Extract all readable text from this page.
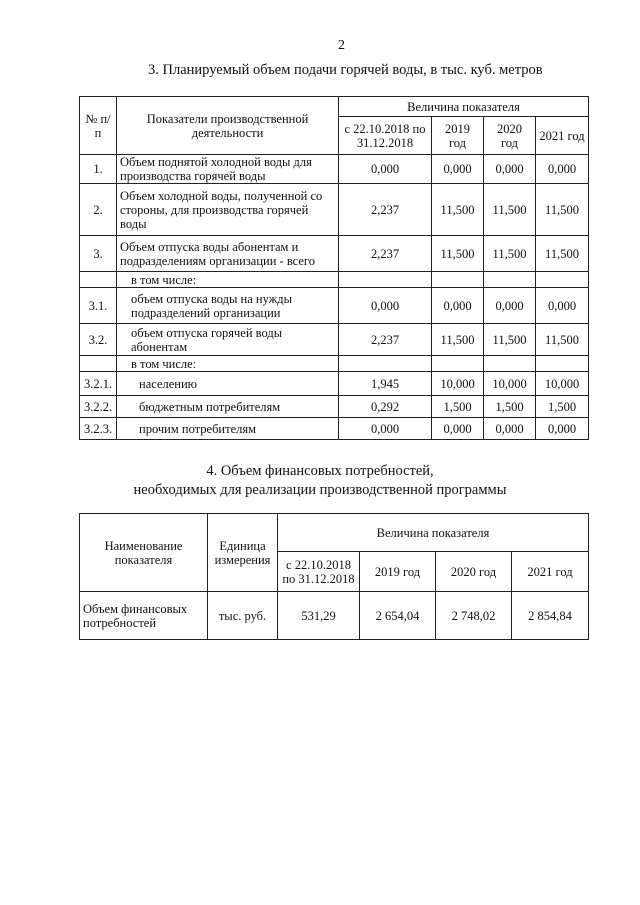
2
3. Планируемый объем подачи горячей воды, в тыс. куб. метров
№ п/п	Показатели производственной деятельности	Величина показателя			
		с 22.10.2018 по 31.12.2018	2019 год	2020 год	2021 год
1.	Объем поднятой холодной воды для производства горячей воды	0,000	0,000	0,000	0,000
2.	Объем холодной воды, полученной со стороны, для производства горячей воды	2,237	11,500	11,500	11,500
3.	Объем отпуска воды абонентам и подразделениям организации - всего	2,237	11,500	11,500	11,500
	в том числе:				
3.1.	объем отпуска воды на нужды подразделений организации	0,000	0,000	0,000	0,000
3.2.	объем отпуска горячей воды абонентам	2,237	11,500	11,500	11,500
	в том числе:				
3.2.1.	населению	1,945	10,000	10,000	10,000
3.2.2.	бюджетным потребителям	0,292	1,500	1,500	1,500
3.2.3.	прочим потребителям	0,000	0,000	0,000	0,000
4. Объем финансовых потребностей,
необходимых для реализации производственной программы
Наименование показателя	Единица измерения	Величина показателя			
		с 22.10.2018 по 31.12.2018	2019 год	2020 год	2021 год
Объем финансовых потребностей	тыс. руб.	531,29	2 654,04	2 748,02	2 854,84
